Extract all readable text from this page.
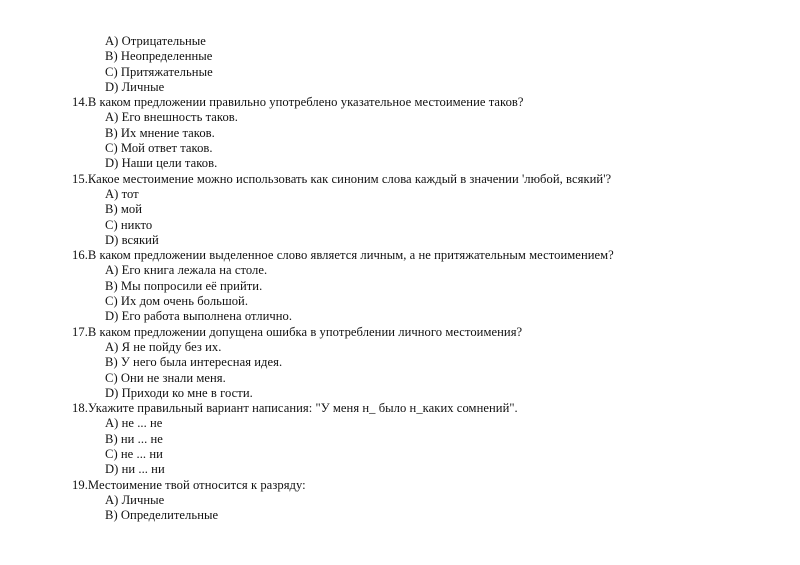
A) Отрицательные
B) Неопределенные
C) Притяжательные
D) Личные
14.В каком предложении правильно употреблено указательное местоимение таков?
A) Его внешность таков.
B) Их мнение таков.
C) Мой ответ таков.
D) Наши цели таков.
15.Какое местоимение можно использовать как синоним слова каждый в значении 'любой, всякий'?
A) тот
B) мой
C) никто
D) всякий
16.В каком предложении выделенное слово является личным, а не притяжательным местоимением?
A) Его книга лежала на столе.
B) Мы попросили её прийти.
C) Их дом очень большой.
D) Его работа выполнена отлично.
17.В каком предложении допущена ошибка в употреблении личного местоимения?
A) Я не пойду без их.
B) У него была интересная идея.
C) Они не знали меня.
D) Приходи ко мне в гости.
18.Укажите правильный вариант написания: "У меня н_ было н_каких сомнений".
A) не ... не
B) ни ... не
C) не ... ни
D) ни ... ни
19.Местоимение твой относится к разряду:
A) Личные
B) Определительные
